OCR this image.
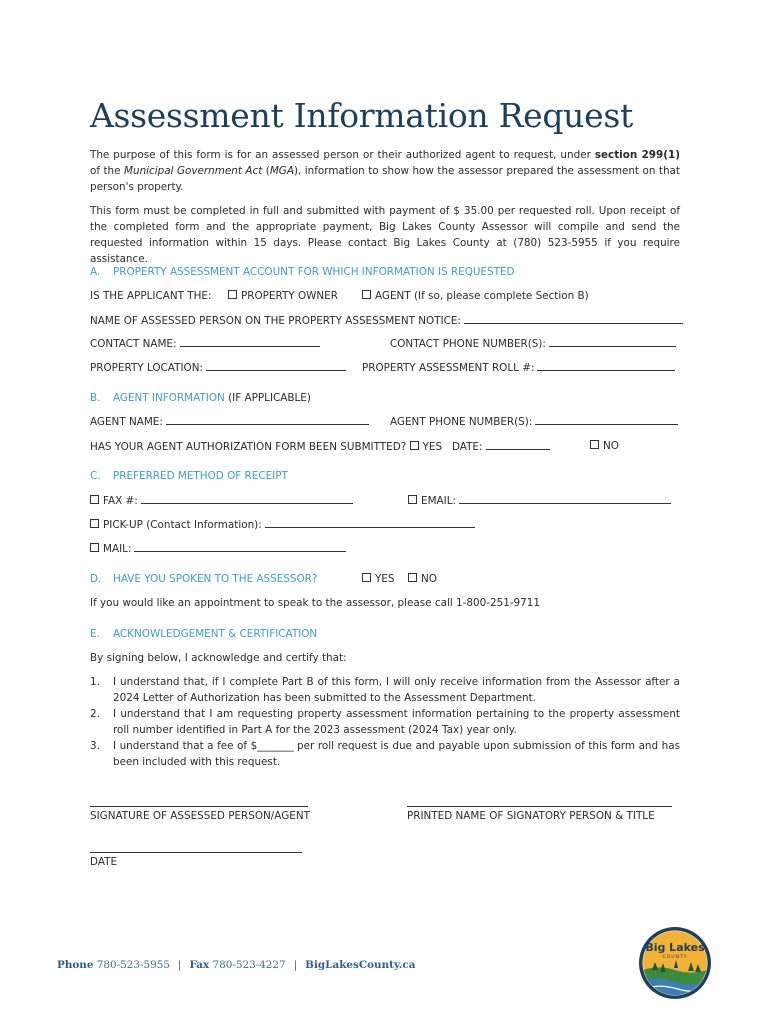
Assessment Information Request

The purpose of this form is for an assessed person or their authorized agent to request, under section 299(1) of the Municipal Government Act (MGA), information to show how the assessor prepared the assessment on that person's property.

This form must be completed in full and submitted with payment of $ 35.00 per requested roll. Upon receipt of the completed form and the appropriate payment, Big Lakes County Assessor will compile and send the requested information within 15 days. Please contact Big Lakes County at (780) 523-5955 if you require assistance.

A. PROPERTY ASSESSMENT ACCOUNT FOR WHICH INFORMATION IS REQUESTED
IS THE APPLICANT THE:	PROPERTY OWNER	AGENT (If so, please complete Section B)
NAME OF ASSESSED PERSON ON THE PROPERTY ASSESSMENT NOTICE:
CONTACT NAME:	CONTACT PHONE NUMBER(S):
PROPERTY LOCATION:	PROPERTY ASSESSMENT ROLL #:
B. AGENT INFORMATION (IF APPLICABLE)
AGENT NAME:	AGENT PHONE NUMBER(S):
HAS YOUR AGENT AUTHORIZATION FORM BEEN SUBMITTED? YES DATE:	NO
C. PREFERRED METHOD OF RECEIPT
FAX #:	EMAIL:
PICK-UP (Contact Information):
MAIL:
D. HAVE YOU SPOKEN TO THE ASSESSOR?	YES	NO
If you would like an appointment to speak to the assessor, please call 1-800-251-9711
E. ACKNOWLEDGEMENT & CERTIFICATION
By signing below, I acknowledge and certify that:
1. I understand that, if I complete Part B of this form, I will only receive information from the Assessor after a 2024 Letter of Authorization has been submitted to the Assessment Department.
2. I understand that I am requesting property assessment information pertaining to the property assessment roll number identified in Part A for the 2023 assessment (2024 Tax) year only.
3. I understand that a fee of $_______ per roll request is due and payable upon submission of this form and has been included with this request.
SIGNATURE OF ASSESSED PERSON/AGENT	PRINTED NAME OF SIGNATORY PERSON & TITLE
DATE
Phone 780-523-5955 | Fax 780-523-4227 | BigLakesCounty.ca
Big Lakes
COUNTY
